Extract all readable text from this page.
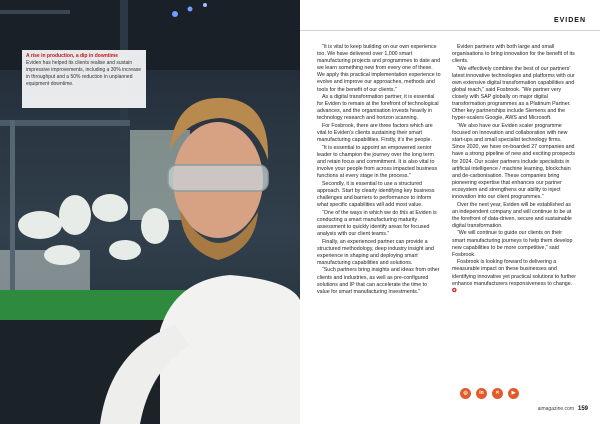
A rise in production, a dip in downtime
Eviden has helped its clients realise and sustain impressive improvements, including a 30% increase in throughput and a 50% reduction in unplanned equipment downtime.
EVIDEN

“It is vital to keep building on our own experience too. We have delivered over 1,000 smart manufacturing projects and programmes to date and we learn something new from every one of these. We apply this practical implementation experience to evolve and improve our approaches, methods and tools for the benefit of our clients.”

As a digital transformation partner, it is essential for Eviden to remain at the forefront of technological advances, and the organisation invests heavily in technology research and horizon scanning.

For Fosbrook, there are three factors which are vital to Eviden’s clients sustaining their smart manufacturing capabilities. Firstly, it’s the people.

“It is essential to appoint an empowered senior leader to champion the journey over the long term and retain focus and commitment. It is also vital to involve your people from across impacted business functions at every stage in the process.”

Secondly, it is essential to use a structured approach. Start by clearly identifying key business challenges and barriers to performance to inform what specific capabilities will add most value.

“One of the ways in which we do this at Eviden is conducting a smart manufacturing maturity assessment to quickly identify areas for focused analysis with our client teams.”

Finally, an experienced partner can provide a structured methodology, deep industry insight and experience in shaping and deploying smart manufacturing capabilities and solutions.

“Such partners bring insights and ideas from other clients and industries, as well as pre-configured solutions and IP that can accelerate the time to value for smart manufacturing investments.”

Eviden partners with both large and small organisations to bring innovation for the benefit of its clients.

“We effectively combine the best of our partners’ latest innovative technologies and platforms with our own extensive digital transformation capabilities and global reach,” said Fosbrook. “We partner very closely with SAP globally on major digital transformation programmes as a Platinum Partner. Other key partnerships include Siemens and the hyper-scalers Google, AWS and Microsoft.

“We also have our Eviden scaler programme focused on innovation and collaboration with new start-ups and small specialist technology firms. Since 2020, we have on-boarded 27 companies and have a strong pipeline of new and exciting prospects for 2024. Our scaler partners include specialists in artificial intelligence / machine learning, blockchain and de-carbonisation. These companies bring pioneering expertise that enhances our partner ecosystem and strengthens our ability to inject innovation into our client programmes.”

Over the next year, Eviden will be established as an independent company and will continue to be at the forefront of data-driven, secure and sustainable digital transformation.

“We will continue to guide our clients on their smart manufacturing journeys to help them develop new capabilities to be more competitive,” said Fosbrook.

Fosbrook is looking forward to delivering a measurable impact on these businesses and identifying innovative yet practical solutions to further enhance manufacturers responsiveness to change. ✪

◎	in	✕	▶
aimagazine.com 159
